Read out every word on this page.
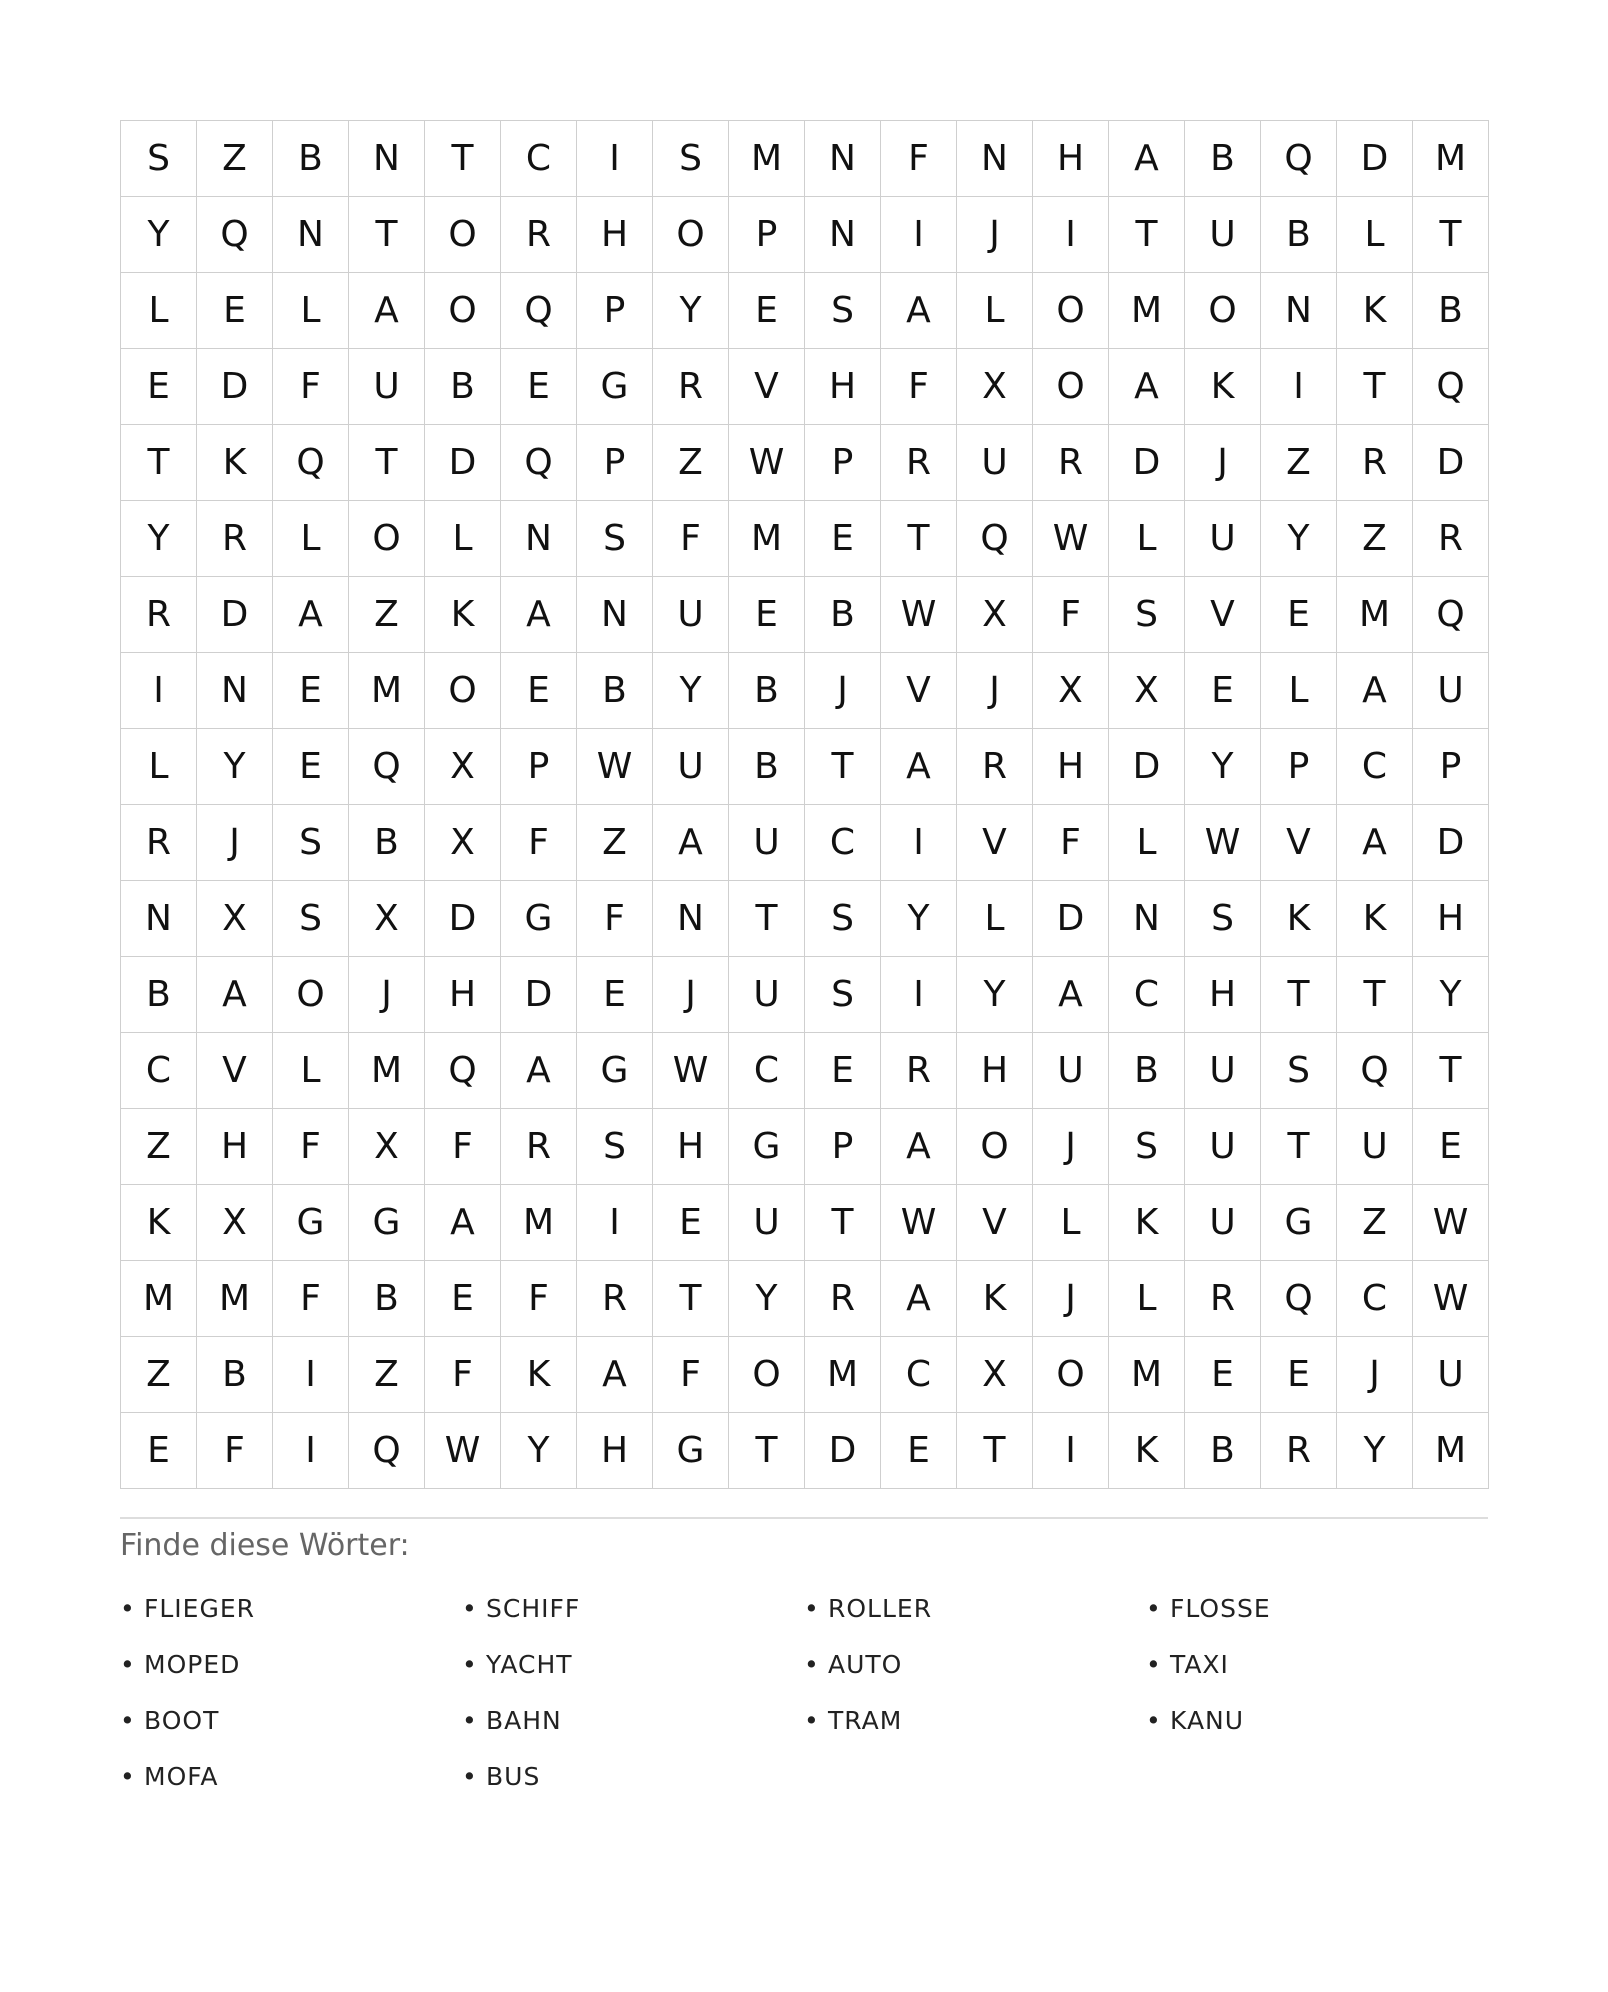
S	Z	B	N	T	C	I	S	M	N	F	N	H	A	B	Q	D	M
Y	Q	N	T	O	R	H	O	P	N	I	J	I	T	U	B	L	T
L	E	L	A	O	Q	P	Y	E	S	A	L	O	M	O	N	K	B
E	D	F	U	B	E	G	R	V	H	F	X	O	A	K	I	T	Q
T	K	Q	T	D	Q	P	Z	W	P	R	U	R	D	J	Z	R	D
Y	R	L	O	L	N	S	F	M	E	T	Q	W	L	U	Y	Z	R
R	D	A	Z	K	A	N	U	E	B	W	X	F	S	V	E	M	Q
I	N	E	M	O	E	B	Y	B	J	V	J	X	X	E	L	A	U
L	Y	E	Q	X	P	W	U	B	T	A	R	H	D	Y	P	C	P
R	J	S	B	X	F	Z	A	U	C	I	V	F	L	W	V	A	D
N	X	S	X	D	G	F	N	T	S	Y	L	D	N	S	K	K	H
B	A	O	J	H	D	E	J	U	S	I	Y	A	C	H	T	T	Y
C	V	L	M	Q	A	G	W	C	E	R	H	U	B	U	S	Q	T
Z	H	F	X	F	R	S	H	G	P	A	O	J	S	U	T	U	E
K	X	G	G	A	M	I	E	U	T	W	V	L	K	U	G	Z	W
M	M	F	B	E	F	R	T	Y	R	A	K	J	L	R	Q	C	W
Z	B	I	Z	F	K	A	F	O	M	C	X	O	M	E	E	J	U
E	F	I	Q	W	Y	H	G	T	D	E	T	I	K	B	R	Y	M
Finde diese Wörter:
• FLIEGER	• SCHIFF	• ROLLER	• FLOSSE
• MOPED	• YACHT	• AUTO	• TAXI
• BOOT	• BAHN	• TRAM	• KANU
• MOFA	• BUS
